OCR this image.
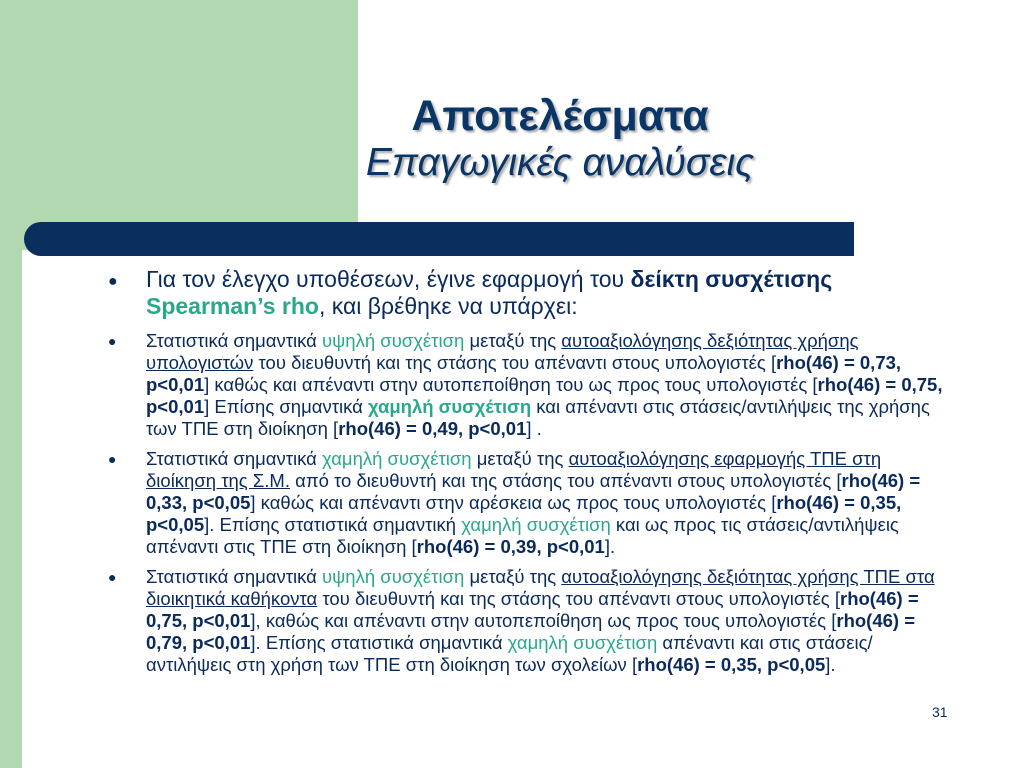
Αποτελέσματα
Επαγωγικές αναλύσεις
● Για τον έλεγχο υποθέσεων, έγινε εφαρμογή του δείκτη συσχέτισης Spearman’s rho, και βρέθηκε να υπάρχει:
● Στατιστικά σημαντικά υψηλή συσχέτιση μεταξύ της αυτοαξιολόγησης δεξιότητας χρήσης υπολογιστών του διευθυντή και της στάσης του απέναντι στους υπολογιστές [rho(46) = 0,73, p<0,01] καθώς και απέναντι στην αυτοπεποίθηση του ως προς τους υπολογιστές [rho(46) = 0,75, p<0,01] Επίσης σημαντικά χαμηλή συσχέτιση και απέναντι στις στάσεις/αντιλήψεις της χρήσης των ΤΠΕ στη διοίκηση [rho(46) = 0,49, p<0,01] .
● Στατιστικά σημαντικά χαμηλή συσχέτιση μεταξύ της αυτοαξιολόγησης εφαρμογής ΤΠΕ στη διοίκηση της Σ.Μ. από το διευθυντή και της στάσης του απέναντι στους υπολογιστές [rho(46) = 0,33, p<0,05] καθώς και απέναντι στην αρέσκεια ως προς τους υπολογιστές [rho(46) = 0,35, p<0,05]. Επίσης στατιστικά σημαντική χαμηλή συσχέτιση και ως προς τις στάσεις/αντιλήψεις απέναντι στις ΤΠΕ στη διοίκηση [rho(46) = 0,39, p<0,01].
● Στατιστικά σημαντικά υψηλή συσχέτιση μεταξύ της αυτοαξιολόγησης δεξιότητας χρήσης ΤΠΕ στα διοικητικά καθήκοντα του διευθυντή και της στάσης του απέναντι στους υπολογιστές [rho(46) = 0,75, p<0,01], καθώς και απέναντι στην αυτοπεποίθηση ως προς τους υπολογιστές [rho(46) = 0,79, p<0,01]. Επίσης στατιστικά σημαντικά χαμηλή συσχέτιση απέναντι και στις στάσεις/αντιλήψεις στη χρήση των ΤΠΕ στη διοίκηση των σχολείων [rho(46) = 0,35, p<0,05].
31
